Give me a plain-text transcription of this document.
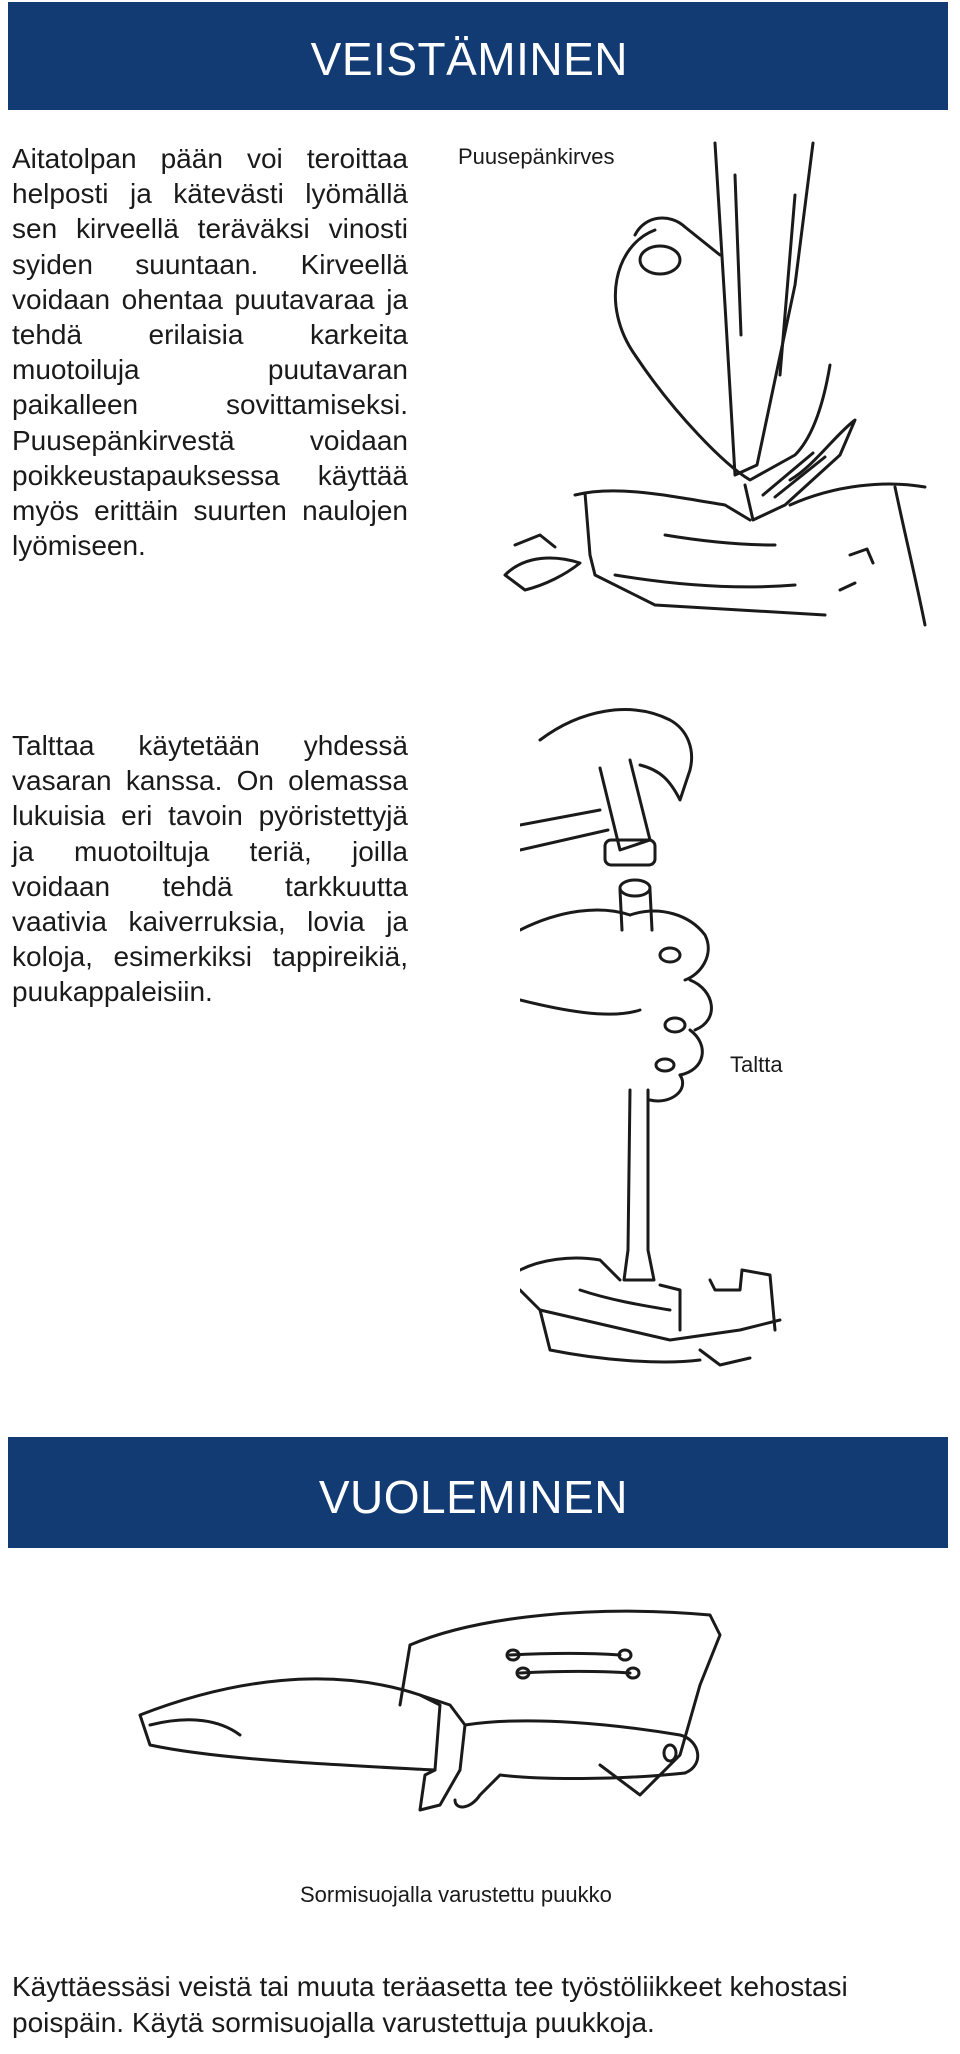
VEISTÄMINEN

Aitatolpan pään voi teroittaa helposti ja kätevästi lyömällä sen kirveellä teräväksi vinosti syiden suuntaan. Kirveellä voidaan ohentaa puutavaraa ja tehdä erilaisia karkeita muotoiluja puutavaran paikalleen sovittamiseksi. Puusepänkirvestä voidaan poikkeustapauksessa käyttää myös erittäin suurten naulojen lyömiseen.

Puusepänkirves

Talttaa käytetään yhdessä vasaran kanssa. On olemassa lukuisia eri tavoin pyöristettyjä ja muotoiltuja teriä, joilla voidaan tehdä tarkkuutta vaativia kaiverruksia, lovia ja koloja, esimerkiksi tappireikiä, puukappaleisiin.

Taltta
VUOLEMINEN
Sormisuojalla varustettu puukko

Käyttäessäsi veistä tai muuta teräasetta tee työstöliikkeet kehostasi poispäin. Käytä sormisuojalla varustettuja puukkoja.
